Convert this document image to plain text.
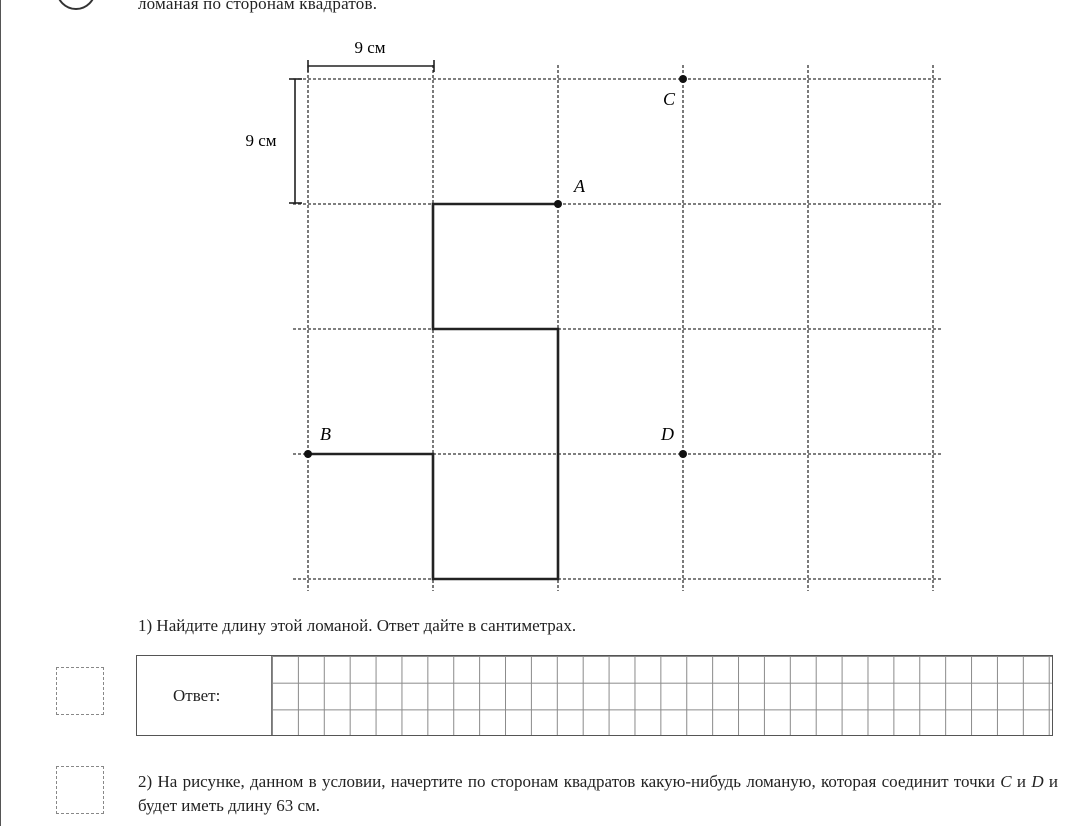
ломаная по сторонам квадратов.
9 см
9 см
A
B
C
D
1) Найдите длину этой ломаной. Ответ дайте в сантиметрах.
Ответ:
2) На рисунке, данном в условии, начертите по сторонам квадратов какую-нибудь ломаную, которая соединит точки C и D и будет иметь длину 63 см.
